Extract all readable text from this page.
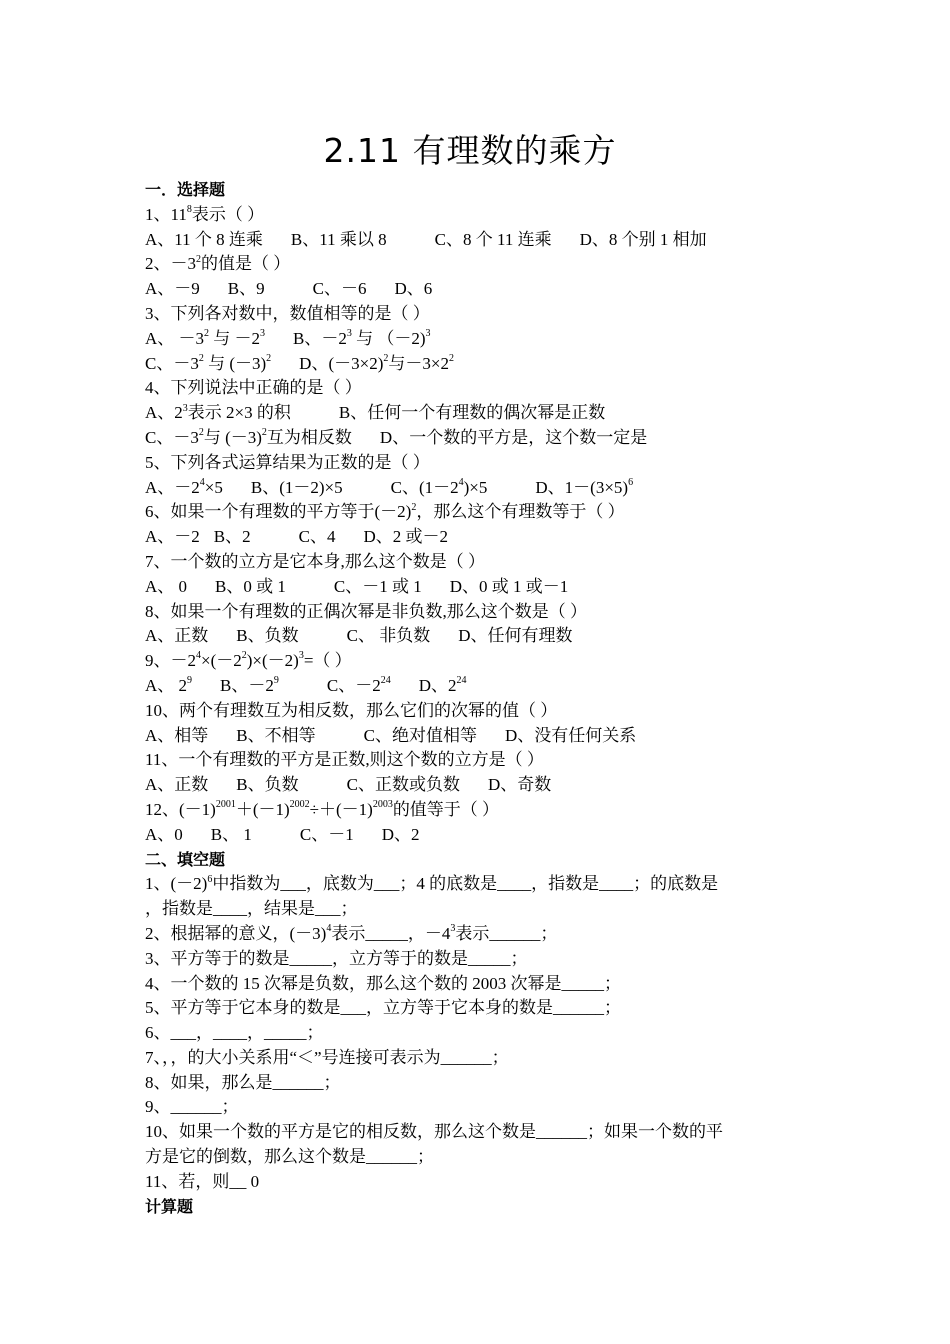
2.11 有理数的乘方
一．选择题
1、$11^8$表示（ ）
A、11 个 8 连乘 B、11 乘以 8	C、8 个 11 连乘 D、8 个别 1 相加
2、$-3^2$的值是（ ）
A、－9 B、9	C、－6 D、6
3、下列各对数中，数值相等的是（ ）
A、 $-3^2$ 与 $-2^3$ B、$-2^3$ 与 （－2)$^3$
C、$-3^2$ 与 $(-3)^2$ D、$(-3\times 2)^2$与$-3\times 2^2$
4、下列说法中正确的是（ ）
A、$2^3$表示 2×3 的积	B、任何一个有理数的偶次幂是正数
C、$-3^2$与 $(-3)^2$互为相反数 D、一个数的平方是，这个数一定是
5、下列各式运算结果为正数的是（ ）
A、$-2^4\times 5$ B、(1－2)×5	C、$(1-2^4)\times 5$	D、$1-(3\times 5)^6$
6、如果一个有理数的平方等于$(-2)^2$，那么这个有理数等于（ ）
A、－2 B、2	C、4 D、2 或－2
7、一个数的立方是它本身,那么这个数是（ ）
A、 0 B、0 或 1	C、－1 或 1 D、0 或 1 或－1
8、如果一个有理数的正偶次幂是非负数,那么这个数是（ ）
A、正数 B、负数	C、 非负数 D、任何有理数
9、$-2^4\times(-2^2)\times(-2)^3=$（ ）
A、 $2^9$ B、$-2^9$	C、$-2^{24}$ D、$2^{24}$
10、两个有理数互为相反数，那么它们的次幂的值（ ）
A、相等 B、不相等	C、绝对值相等 D、没有任何关系
11、一个有理数的平方是正数,则这个数的立方是（ ）
A、正数 B、负数	C、正数或负数 D、奇数
12、$(-1)^{2001}+(-1)^{2002}\div+(-1)^{2003}$的值等于（ ）
A、0 B、 1	C、－1 D、2
二、填空题
1、$(-2)^6$中指数为___，底数为___；4 的底数是____，指数是____；的底数是
，指数是____，结果是___；
2、根据幂的意义，$(-3)^4$表示_____，$-4^3$表示______；
3、平方等于的数是_____，立方等于的数是_____；
4、一个数的 15 次幂是负数，那么这个数的 2003 次幂是_____；
5、平方等于它本身的数是___，立方等于它本身的数是______；
6、___，____，_____；
7、，，的大小关系用“＜”号连接可表示为______；
8、如果，那么是______；
9、______；
10、如果一个数的平方是它的相反数，那么这个数是______；如果一个数的平
方是它的倒数，那么这个数是______；
11、若，则__ 0
计算题
